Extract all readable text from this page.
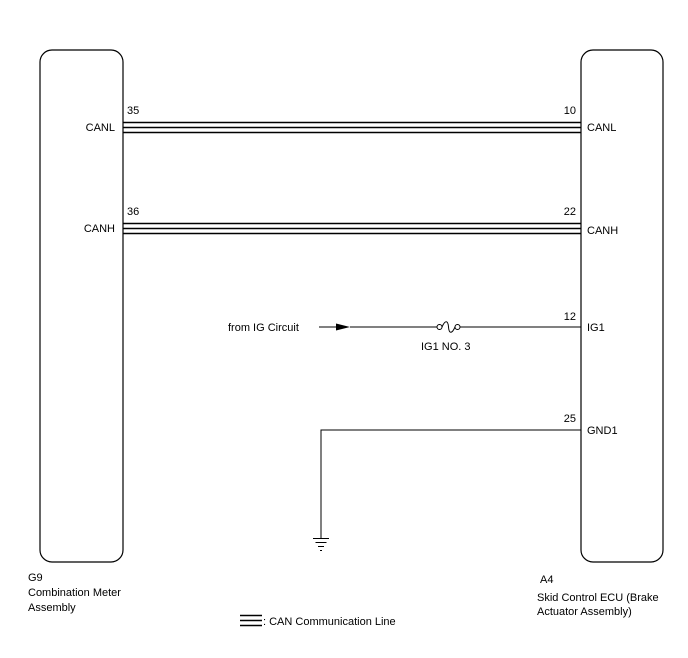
35
CANL
36
CANH
10
CANL
22
CANH
12
IG1
25
GND1
from IG Circuit
IG1 NO. 3
G9
Combination Meter
Assembly
A4
Skid Control ECU (Brake
Actuator Assembly)
: CAN Communication Line
